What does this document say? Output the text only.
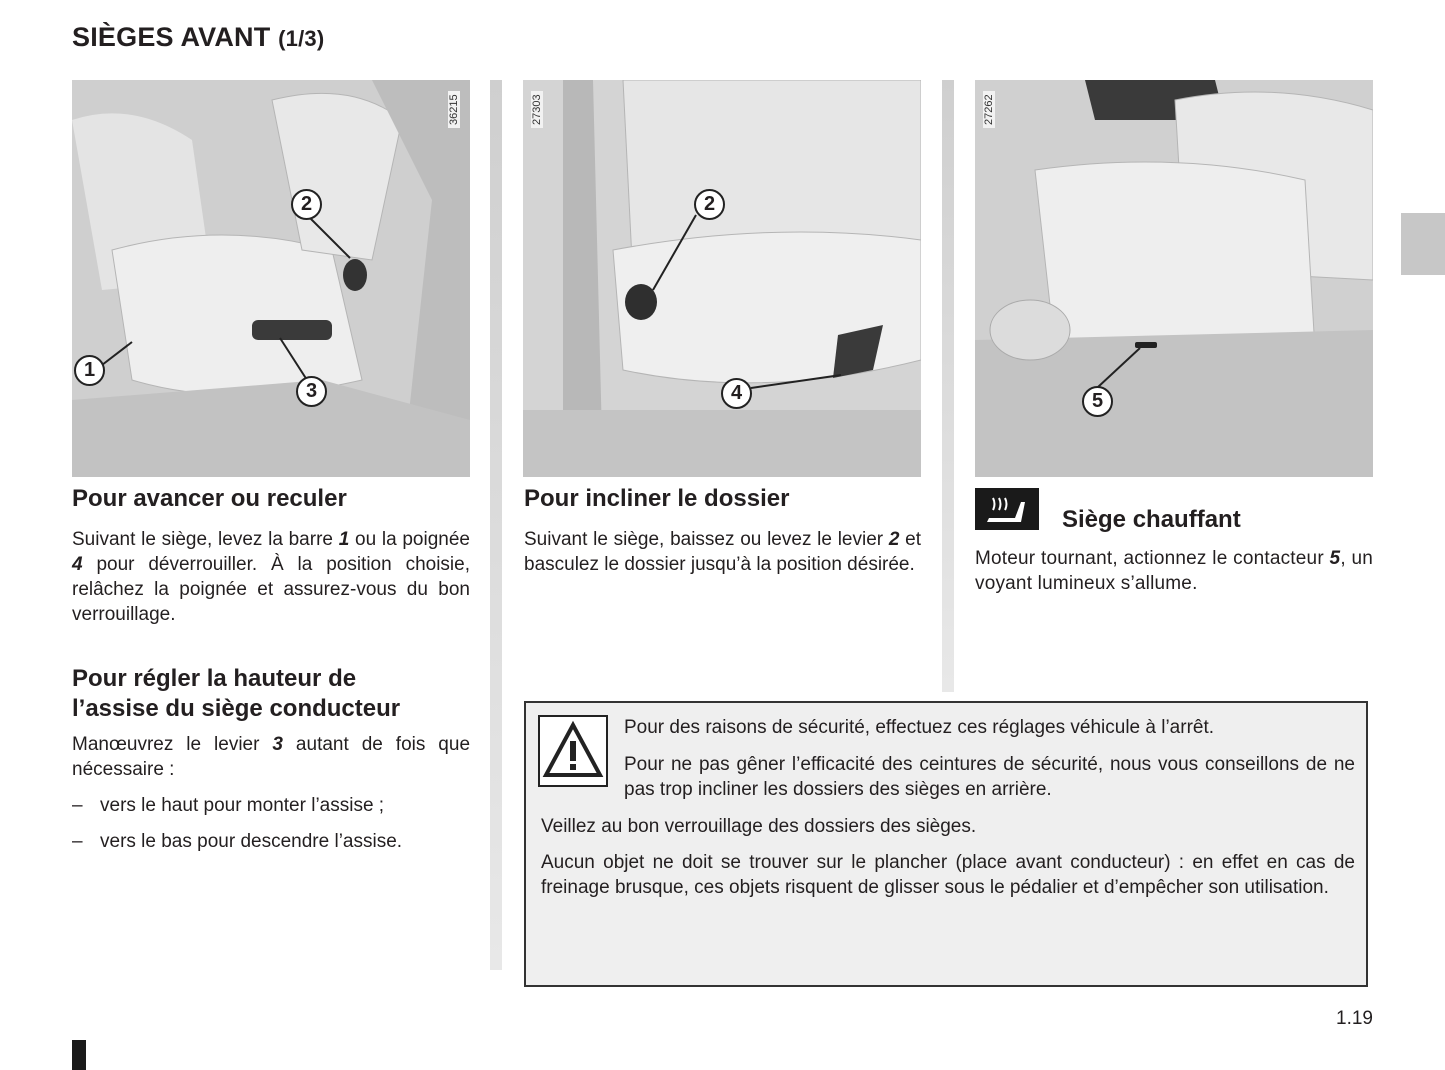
SIÈGES AVANT (1/3)
36215
2
1
3
27303
2
4
27262
5
Pour avancer ou reculer

Suivant le siège, levez la barre 1 ou la poignée 4 pour déverrouiller. À la position choisie, relâchez la poignée et assurez-vous du bon verrouillage.

Pour régler la hauteur de
l’assise du siège conducteur

Manœuvrez le levier 3 autant de fois que nécessaire :

– vers le haut pour monter l’assise ;
– vers le bas pour descendre l’assise.
Pour incliner le dossier

Suivant le siège, baissez ou levez le levier 2 et basculez le dossier jusqu’à la position désirée.

Siège chauffant

Moteur tournant, actionnez le contacteur 5, un voyant lumineux s’allume.

Pour des raisons de sécurité, effectuez ces réglages véhicule à l’arrêt.

Pour ne pas gêner l’efficacité des ceintures de sécurité, nous vous conseillons de ne pas trop incliner les dossiers des sièges en arrière.

Veillez au bon verrouillage des dossiers des sièges.

Aucun objet ne doit se trouver sur le plancher (place avant conducteur) : en effet en cas de freinage brusque, ces objets risquent de glisser sous le pédalier et d’empêcher son utilisation.

1.19
